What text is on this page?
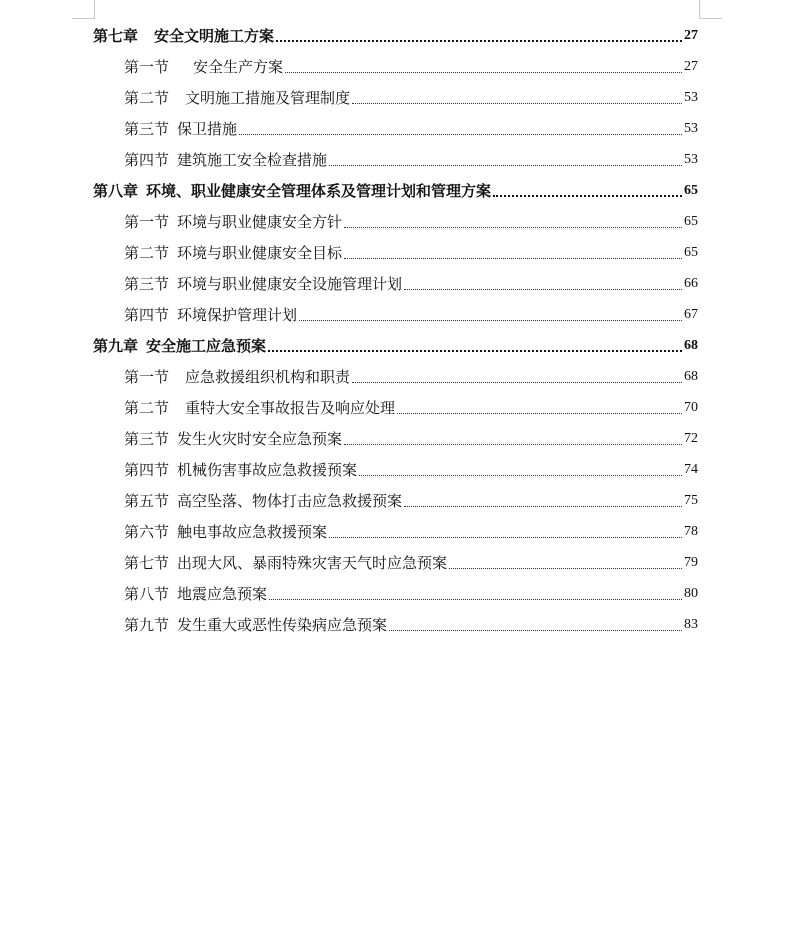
第七章 安全文明施工方案	27
第一节 安全生产方案	27
第二节 文明施工措施及管理制度	53
第三节 保卫措施	53
第四节 建筑施工安全检查措施	53
第八章 环境、职业健康安全管理体系及管理计划和管理方案	65
第一节 环境与职业健康安全方针	65
第二节 环境与职业健康安全目标	65
第三节 环境与职业健康安全设施管理计划	66
第四节 环境保护管理计划	67
第九章 安全施工应急预案	68
第一节 应急救援组织机构和职责	68
第二节 重特大安全事故报告及响应处理	70
第三节 发生火灾时安全应急预案	72
第四节 机械伤害事故应急救援预案	74
第五节 高空坠落、物体打击应急救援预案	75
第六节 触电事故应急救援预案	78
第七节 出现大风、暴雨特殊灾害天气时应急预案	79
第八节 地震应急预案	80
第九节 发生重大或恶性传染病应急预案	83
